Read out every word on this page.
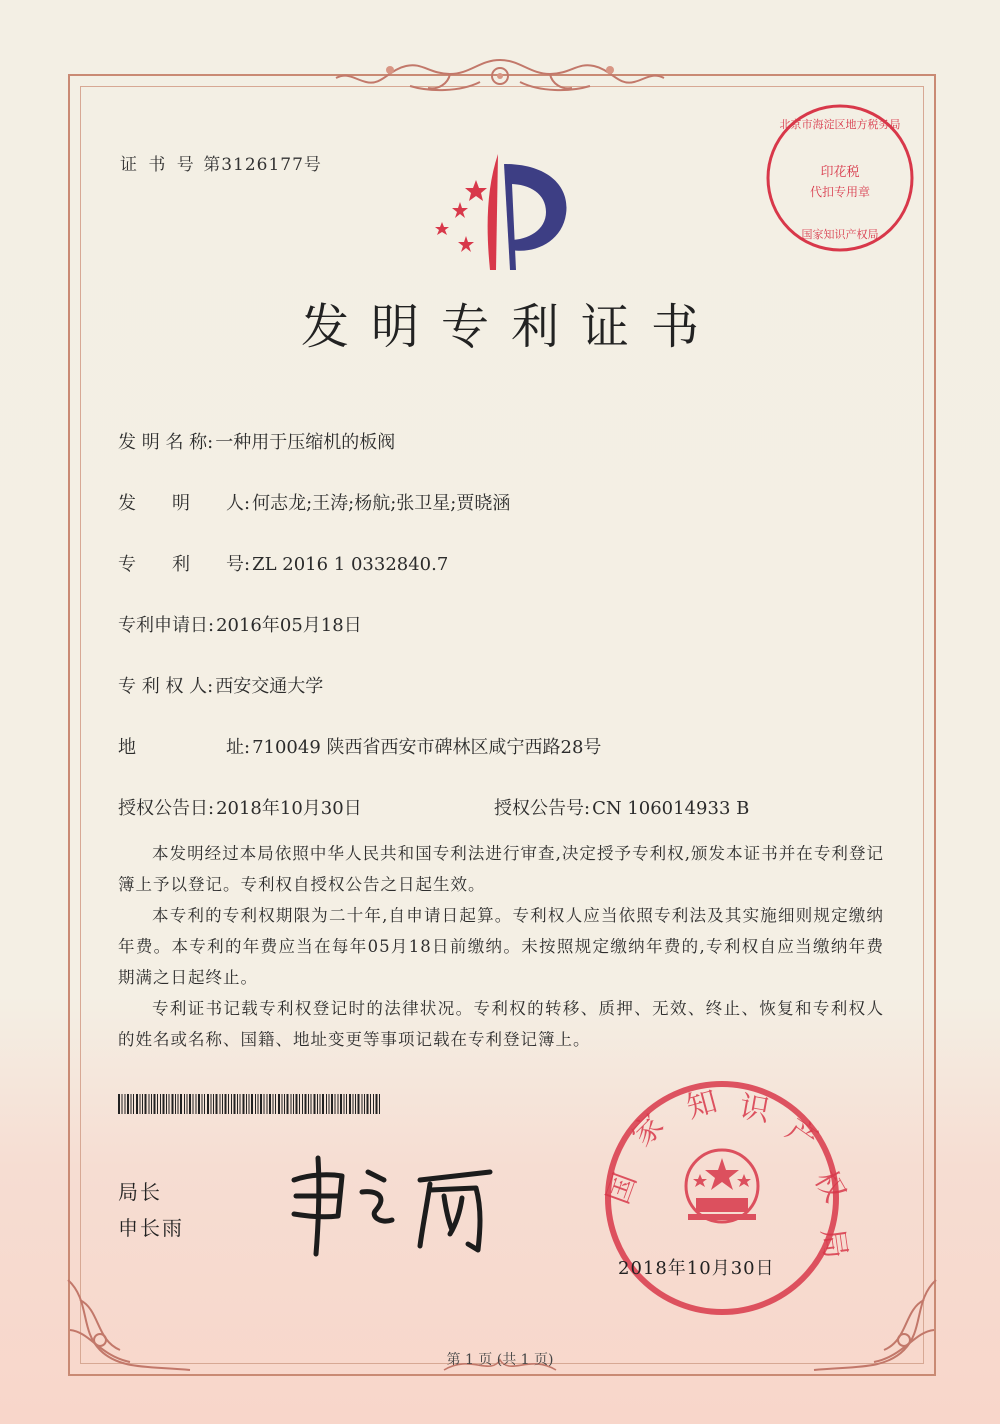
证 书 号 第3126177号
发明专利证书
发 明 名 称: 一种用于压缩机的板阀
发　　明　　人: 何志龙;王涛;杨航;张卫星;贾晓涵
专　　利　　号: ZL 2016 1 0332840.7
专利申请日: 2016年05月18日
专 利 权 人: 西安交通大学
地　　　　　址: 710049 陕西省西安市碑林区咸宁西路28号
授权公告日: 2018年10月30日	授权公告号: CN 106014933 B

本发明经过本局依照中华人民共和国专利法进行审查,决定授予专利权,颁发本证书并在专利登记簿上予以登记。专利权自授权公告之日起生效。

本专利的专利权期限为二十年,自申请日起算。专利权人应当依照专利法及其实施细则规定缴纳年费。本专利的年费应当在每年05月18日前缴纳。未按照规定缴纳年费的,专利权自应当缴纳年费期满之日起终止。

专利证书记载专利权登记时的法律状况。专利权的转移、质押、无效、终止、恢复和专利权人的姓名或名称、国籍、地址变更等事项记载在专利登记簿上。

局长
申长雨
国
家
知 识
产
权
局
2018年10月30日
北京市海淀区地方税务局
印花税
代扣专用章
国家知识产权局
第 1 页 (共 1 页)
